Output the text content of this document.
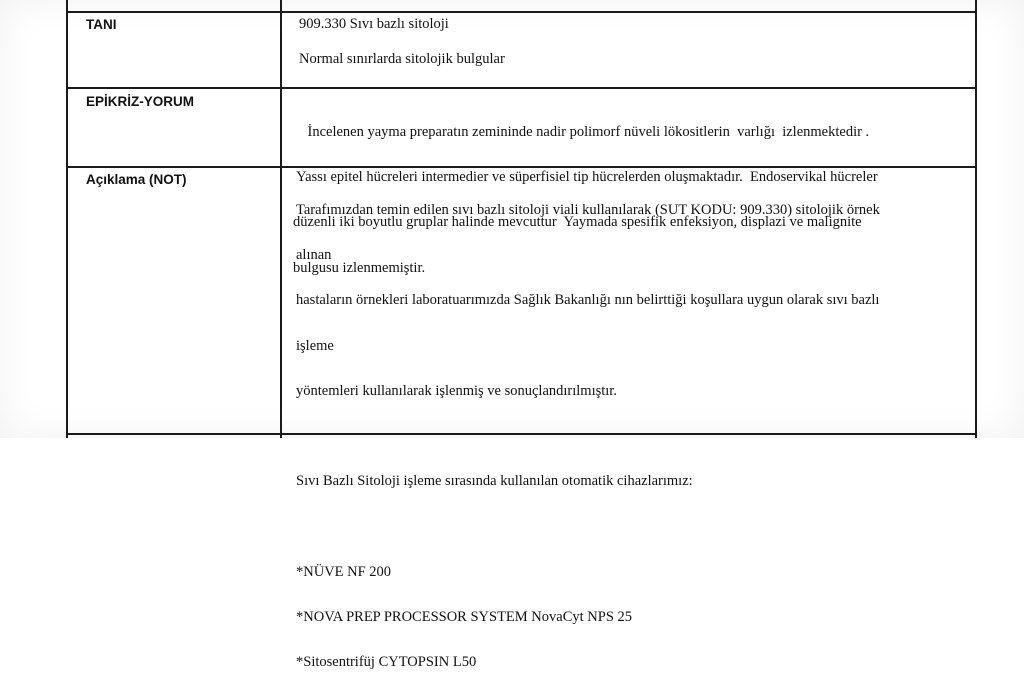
TANI	909.330 Sıvı bazlı sitoloji
Normal sınırlarda sitolojik bulgular
EPİKRİZ-YORUM

İncelenen yayma preparatın zemininde nadir polimorf nüveli lökositlerin  varlığı  izlenmektedir .

Yassı epitel hücreleri intermedier ve süperfisiel tip hücrelerden oluşmaktadır.  Endoservikal hücreler

düzenli iki boyutlu gruplar halinde mevcuttur  Yaymada spesifik enfeksiyon, displazi ve malignite

bulgusu izlenmemiştir.

Açıklama (NOT)

Tarafımızdan temin edilen sıvı bazlı sitoloji viali kullanılarak (SUT KODU: 909.330) sitolojik örnek

alınan

hastaların örnekleri laboratuarımızda Sağlık Bakanlığı nın belirttiği koşullara uygun olarak sıvı bazlı

işleme

yöntemleri kullanılarak işlenmiş ve sonuçlandırılmıştır.

Sıvı Bazlı Sitoloji işleme sırasında kullanılan otomatik cihazlarımız:

*NÜVE NF 200

*NOVA PREP PROCESSOR SYSTEM NovaCyt NPS 25

*Sitosentrifüj CYTOPSIN L50
